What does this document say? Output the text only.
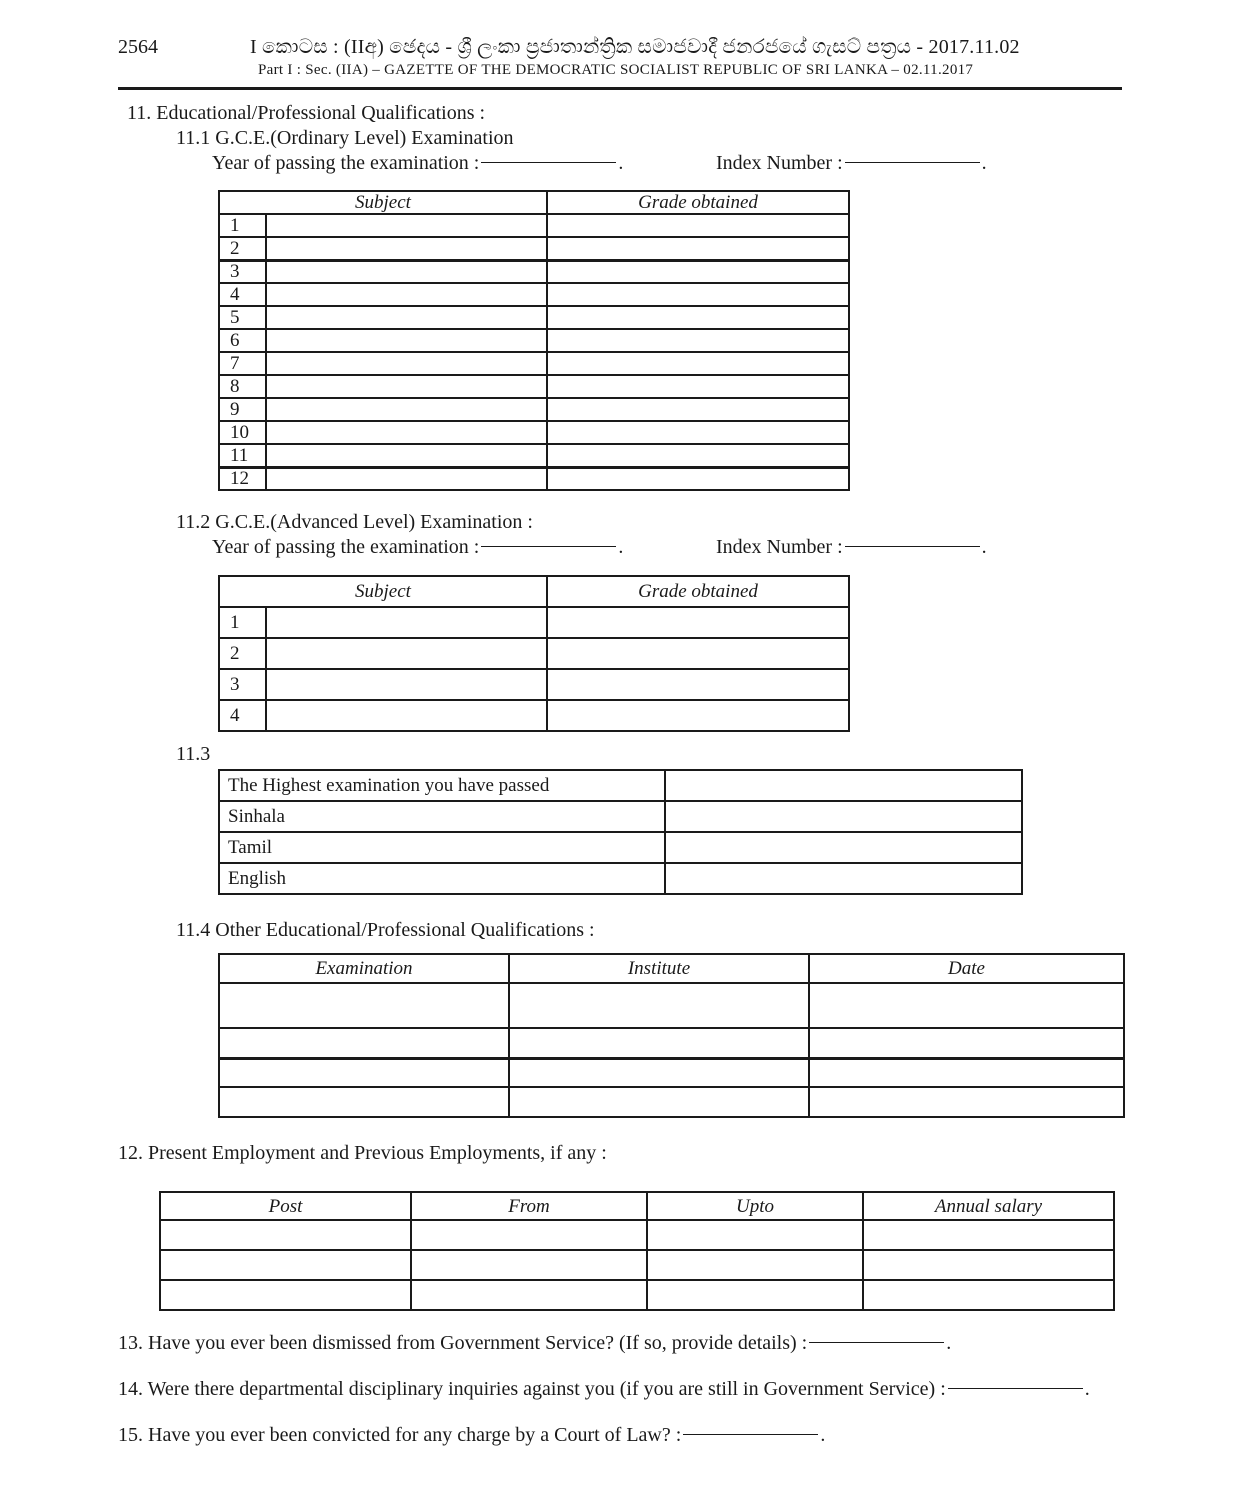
2564	I කොටස : (IIඅ) ඡෙදය - ශ්‍රී ලංකා ප්‍රජාතාන්ත්‍රික සමාජවාදී ජනරජයේ ගැසට් පත්‍රය - 2017.11.02
Part I : Sec. (IIA) – GAZETTE OF THE DEMOCRATIC SOCIALIST REPUBLIC OF SRI LANKA – 02.11.2017
11. Educational/Professional Qualifications :
11.1 G.C.E.(Ordinary Level) Examination
Year of passing the examination :	.	Index Number :	.
Subject		Grade obtained
1		
2		
3		
4		
5		
6		
7		
8		
9		
10		
11		
12		
11.2 G.C.E.(Advanced Level) Examination :
Year of passing the examination :	.	Index Number :	.
Subject		Grade obtained
1		
2		
3		
4		
11.3
The Highest examination you have passed	
Sinhala	
Tamil	
English	
11.4 Other Educational/Professional Qualifications :
Examination	Institute	Date

12. Present Employment and Previous Employments, if any :
Post	From	Upto	Annual salary

13. Have you ever been dismissed from Government Service? (If so, provide details) :	.
14. Were there departmental disciplinary inquiries against you (if you are still in Government Service) :	.
15. Have you ever been convicted for any charge by a Court of Law? :	.
